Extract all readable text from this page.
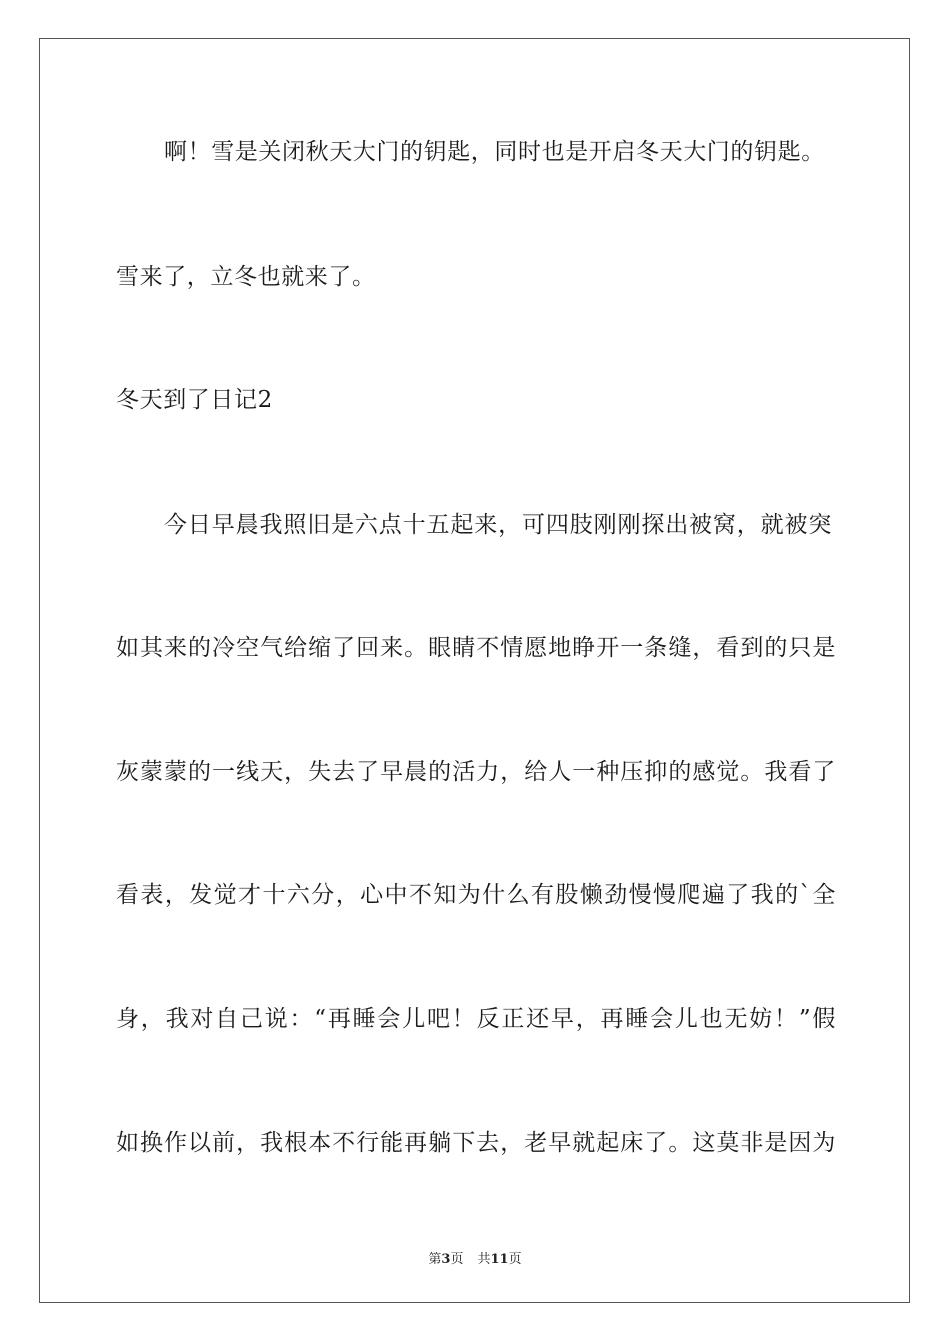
啊！雪是关闭秋天大门的钥匙，同时也是开启冬天大门的钥匙。
雪来了，立冬也就来了。
冬天到了日记2
今日早晨我照旧是六点十五起来，可四肢刚刚探出被窝，就被突
如其来的冷空气给缩了回来。眼睛不情愿地睁开一条缝，看到的只是
灰蒙蒙的一线天，失去了早晨的活力，给人一种压抑的感觉。我看了
看表，发觉才十六分，心中不知为什么有股懒劲慢慢爬遍了我的`全
身，我对自己说：“再睡会儿吧！反正还早，再睡会儿也无妨！”假
如换作以前，我根本不行能再躺下去，老早就起床了。这莫非是因为
第3页 共11页
